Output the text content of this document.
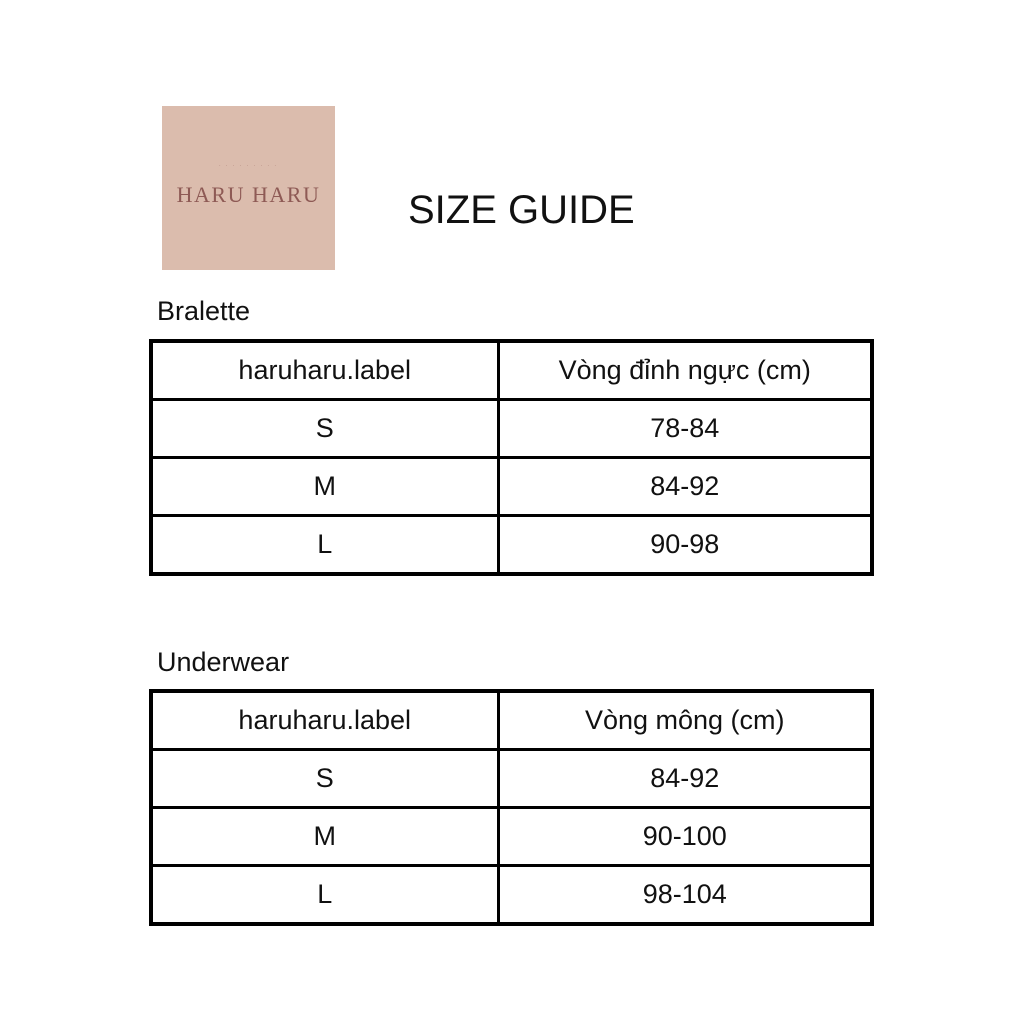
· · · · · · · · ·
HARU HARU	SIZE GUIDE
Bralette
haruharu.label	Vòng đỉnh ngực (cm)
S	78-84
M	84-92
L	90-98
Underwear
haruharu.label	Vòng mông (cm)
S	84-92
M	90-100
L	98-104
